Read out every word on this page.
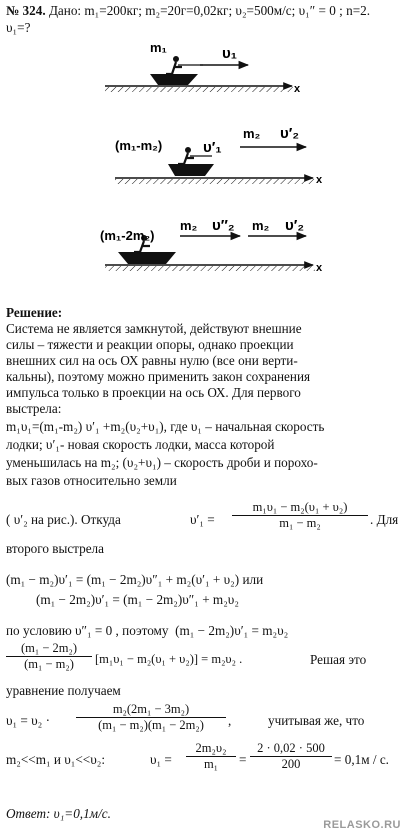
№ 324. Дано: m₁=200кг; m₂=20г=0,02кг; υ₂=500м/с; υ₁″ = 0 ; n=2.
υ₁=?
m₁	υ₁
x
(m₁-m₂)	υ′₁
m₂ υ′₂
x
(m₁-2m₂)
m₂ υ″₂ m₂ υ′₂
x
Решение:
Система не является замкнутой, действуют внешние
силы – тяжести и реакции опоры, однако проекции
внешних сил на ось ОХ равны нулю (все они верти-
кальны), поэтому можно применить закон сохранения
импульса только в проекции на ось ОХ. Для первого
выстрела:
m₁υ₁=(m₁-m₂) υ′₁ +m₂(υ₂+υ₁), где υ₁ – начальная скорость
лодки; υ′₁- новая скорость лодки, масса которой
уменьшилась на m₂; (υ₂+υ₁) – скорость дроби и порохо-
вых газов относительно земли
( υ′₂ на рис.). Откуда	$\upsilon'_1 = \frac{\text{m₁υ₁ − m₂(υ₁ + υ₂)}}{\text{m₁ − m₂}}$ . Для
второго выстрела
(m₁ − m₂)υ′₁ = (m₁ − 2m₂)υ″₁ + m₂(υ′₁ + υ₂) или
(m₁ − 2m₂)υ′₁ = (m₁ − 2m₂)υ″₁ + m₂υ₂
по условию υ″₁ = 0 , поэтому (m₁ − 2m₂)υ′₁ = m₂υ₂
$\frac{\text{(m₁ − 2m₂)}}{\text{(m₁ − m₂)}} [m_1\upsilon_1 - m_2(\upsilon_1 + \upsilon_2)] = m_2\upsilon_2$ .	Решая это
уравнение получаем
$\upsilon_1 = \upsilon_2 \cdot \frac{\text{m₂(2m₁ − 3m₂)}}{\text{(m₁ − m₂)(m₁ − 2m₂)}}$ ,	учитывая же, что
m₂<<m₁ и υ₁<<υ₂:	$\upsilon_1 = \frac{\text{2m₂υ₂}}{\text{m₁}} = \frac{2 \cdot 0,02 \cdot 500}{200} = 0,1м / с$.
Ответ: υ₁=0,1м/с.
RELASKO.RU
